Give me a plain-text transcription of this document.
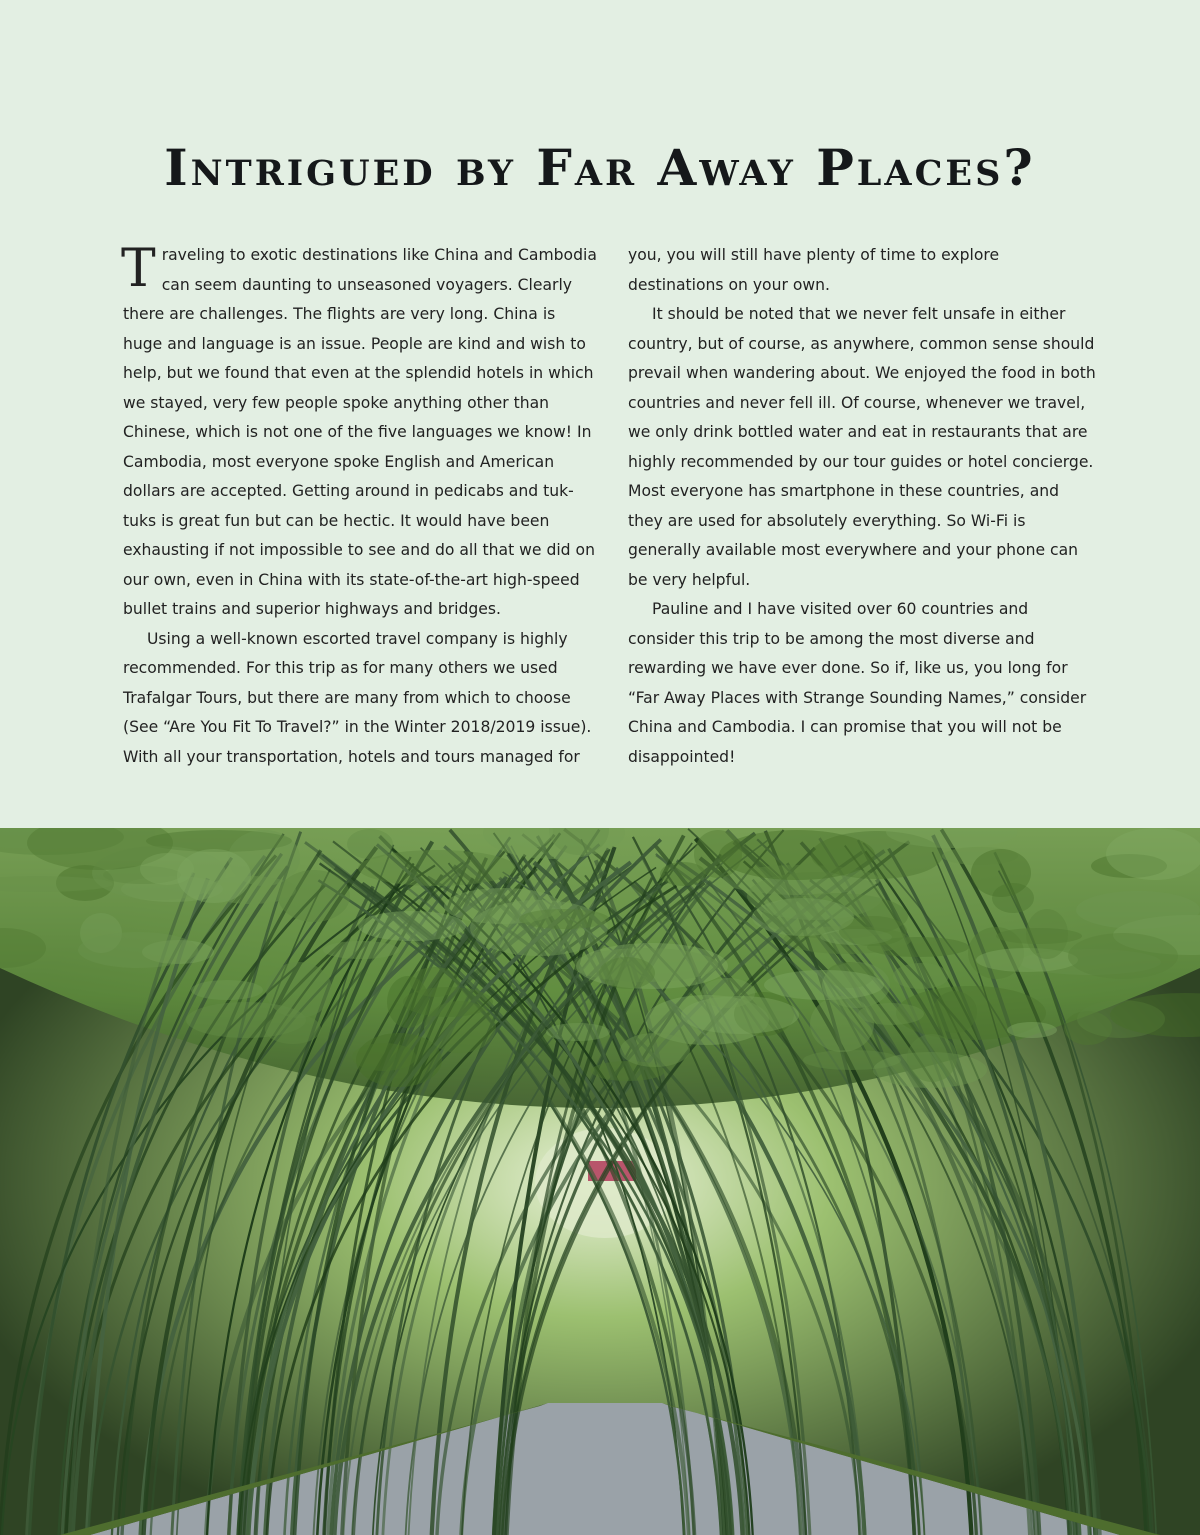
Intrigued by Far Away Places?

Traveling to exotic destinations like China and Cambodia can seem daunting to unseasoned voyagers. Clearly there are challenges. The flights are very long. China is huge and language is an issue. People are kind and wish to help, but we found that even at the splendid hotels in which we stayed, very few people spoke anything other than Chinese, which is not one of the five languages we know! In Cambodia, most everyone spoke English and American dollars are accepted. Getting around in pedicabs and tuk-tuks is great fun but can be hectic. It would have been exhausting if not impossible to see and do all that we did on our own, even in China with its state-of-the-art high-speed bullet trains and superior highways and bridges.

Using a well-known escorted travel company is highly recommended. For this trip as for many others we used Trafalgar Tours, but there are many from which to choose (See “Are You Fit To Travel?” in the Winter 2018/2019 issue). With all your transportation, hotels and tours managed for

you, you will still have plenty of time to explore destinations on your own.

It should be noted that we never felt unsafe in either country, but of course, as anywhere, common sense should prevail when wandering about. We enjoyed the food in both countries and never fell ill. Of course, whenever we travel, we only drink bottled water and eat in restaurants that are highly recommended by our tour guides or hotel concierge. Most everyone has smartphone in these countries, and they are used for absolutely everything. So Wi-Fi is generally available most everywhere and your phone can be very helpful.

Pauline and I have visited over 60 countries and consider this trip to be among the most diverse and rewarding we have ever done. So if, like us, you long for “Far Away Places with Strange Sounding Names,” consider China and Cambodia. I can promise that you will not be disappointed!
